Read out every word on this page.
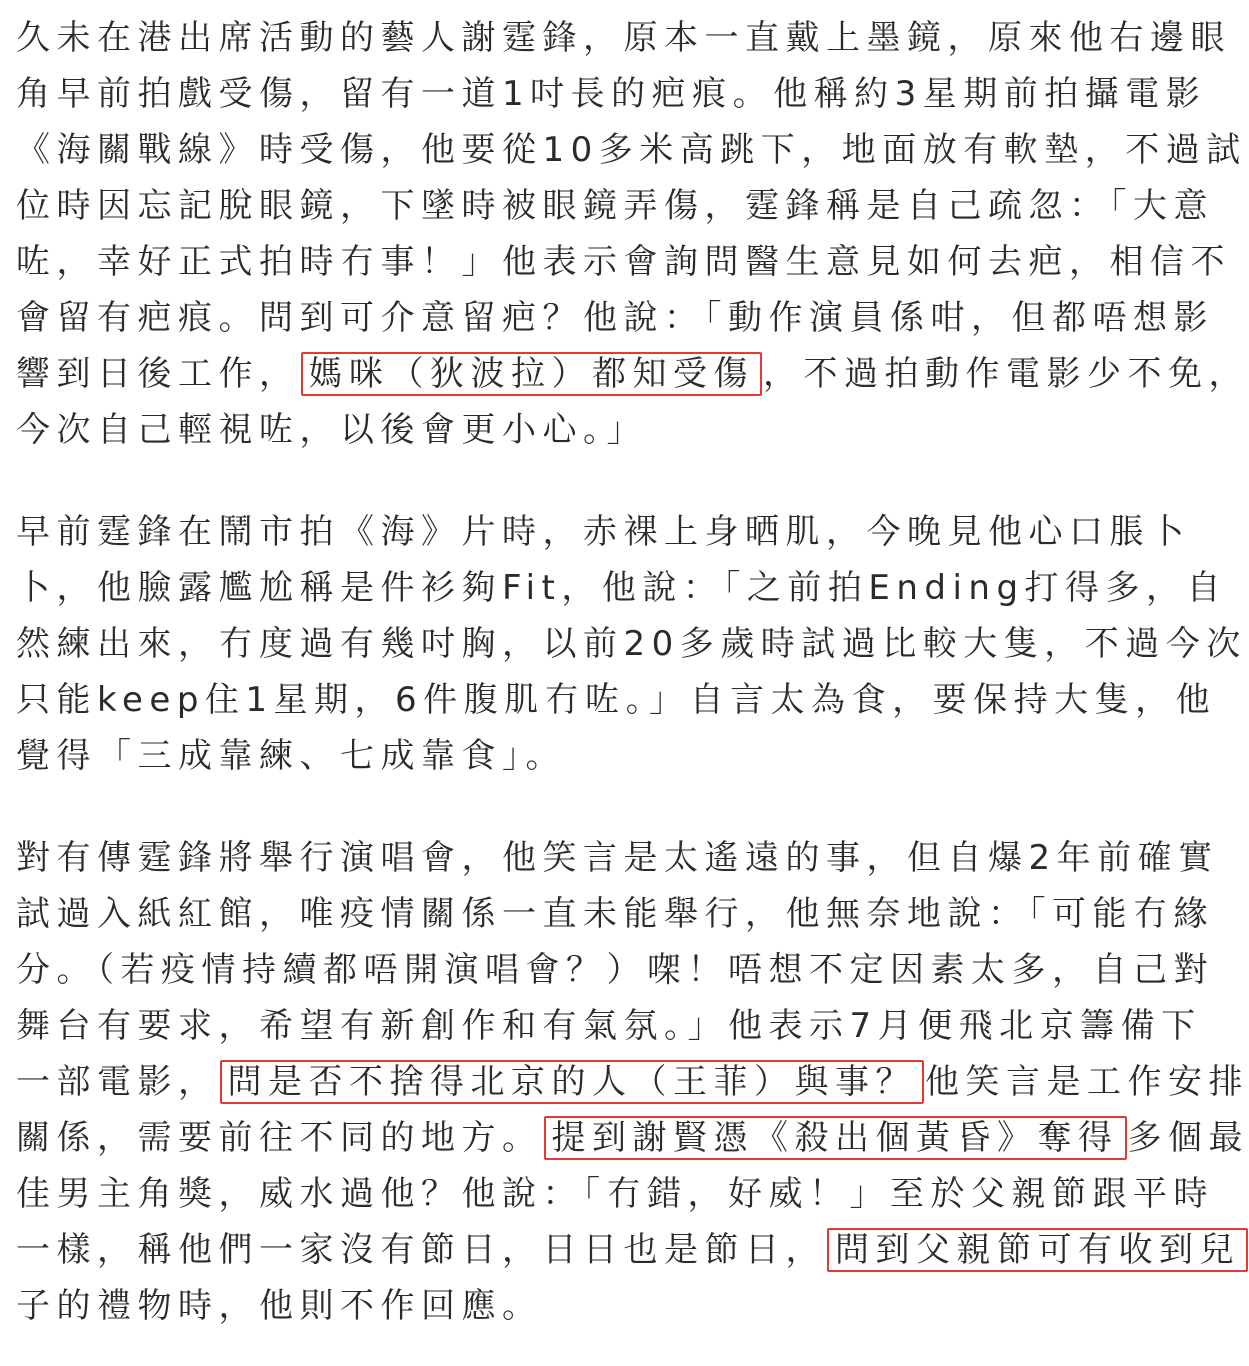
久未在港出席活動的藝人謝霆鋒，原本一直戴上墨鏡，原來他右邊眼
角早前拍戲受傷，留有一道1吋長的疤痕。他稱約3星期前拍攝電影
《海關戰線》時受傷，他要從10多米高跳下，地面放有軟墊，不過試
位時因忘記脫眼鏡，下墜時被眼鏡弄傷，霆鋒稱是自己疏忽：「大意
咗，幸好正式拍時冇事！」他表示會詢問醫生意見如何去疤，相信不
會留有疤痕。問到可介意留疤？他說：「動作演員係咁，但都唔想影
響到日後工作， 媽咪（狄波拉）都知受傷 ，不過拍動作電影少不免，
今次自己輕視咗，以後會更小心。」
早前霆鋒在鬧市拍《海》片時，赤裸上身晒肌，今晚見他心口脹卜
卜，他臉露尷尬稱是件衫夠Fit，他說：「之前拍Ending打得多，自
然練出來，冇度過有幾吋胸，以前20多歲時試過比較大隻，不過今次
只能keep住1星期，6件腹肌冇咗。」自言太為食，要保持大隻，他
覺得「三成靠練、七成靠食」。
對有傳霆鋒將舉行演唱會，他笑言是太遙遠的事，但自爆2年前確實
試過入紙紅館，唯疫情關係一直未能舉行，他無奈地說：「可能冇緣
分。（若疫情持續都唔開演唱會？）㗎！唔想不定因素太多，自己對
舞台有要求，希望有新創作和有氣氛。」他表示7月便飛北京籌備下
一部電影， 問是否不捨得北京的人（王菲）與事？ 他笑言是工作安排
關係，需要前往不同的地方。 提到謝賢憑《殺出個黃昏》奪得 多個最
佳男主角獎，威水過他？他說：「冇錯，好威！」至於父親節跟平時
一樣，稱他們一家沒有節日，日日也是節日， 問到父親節可有收到兒
子的禮物時，他則不作回應。
